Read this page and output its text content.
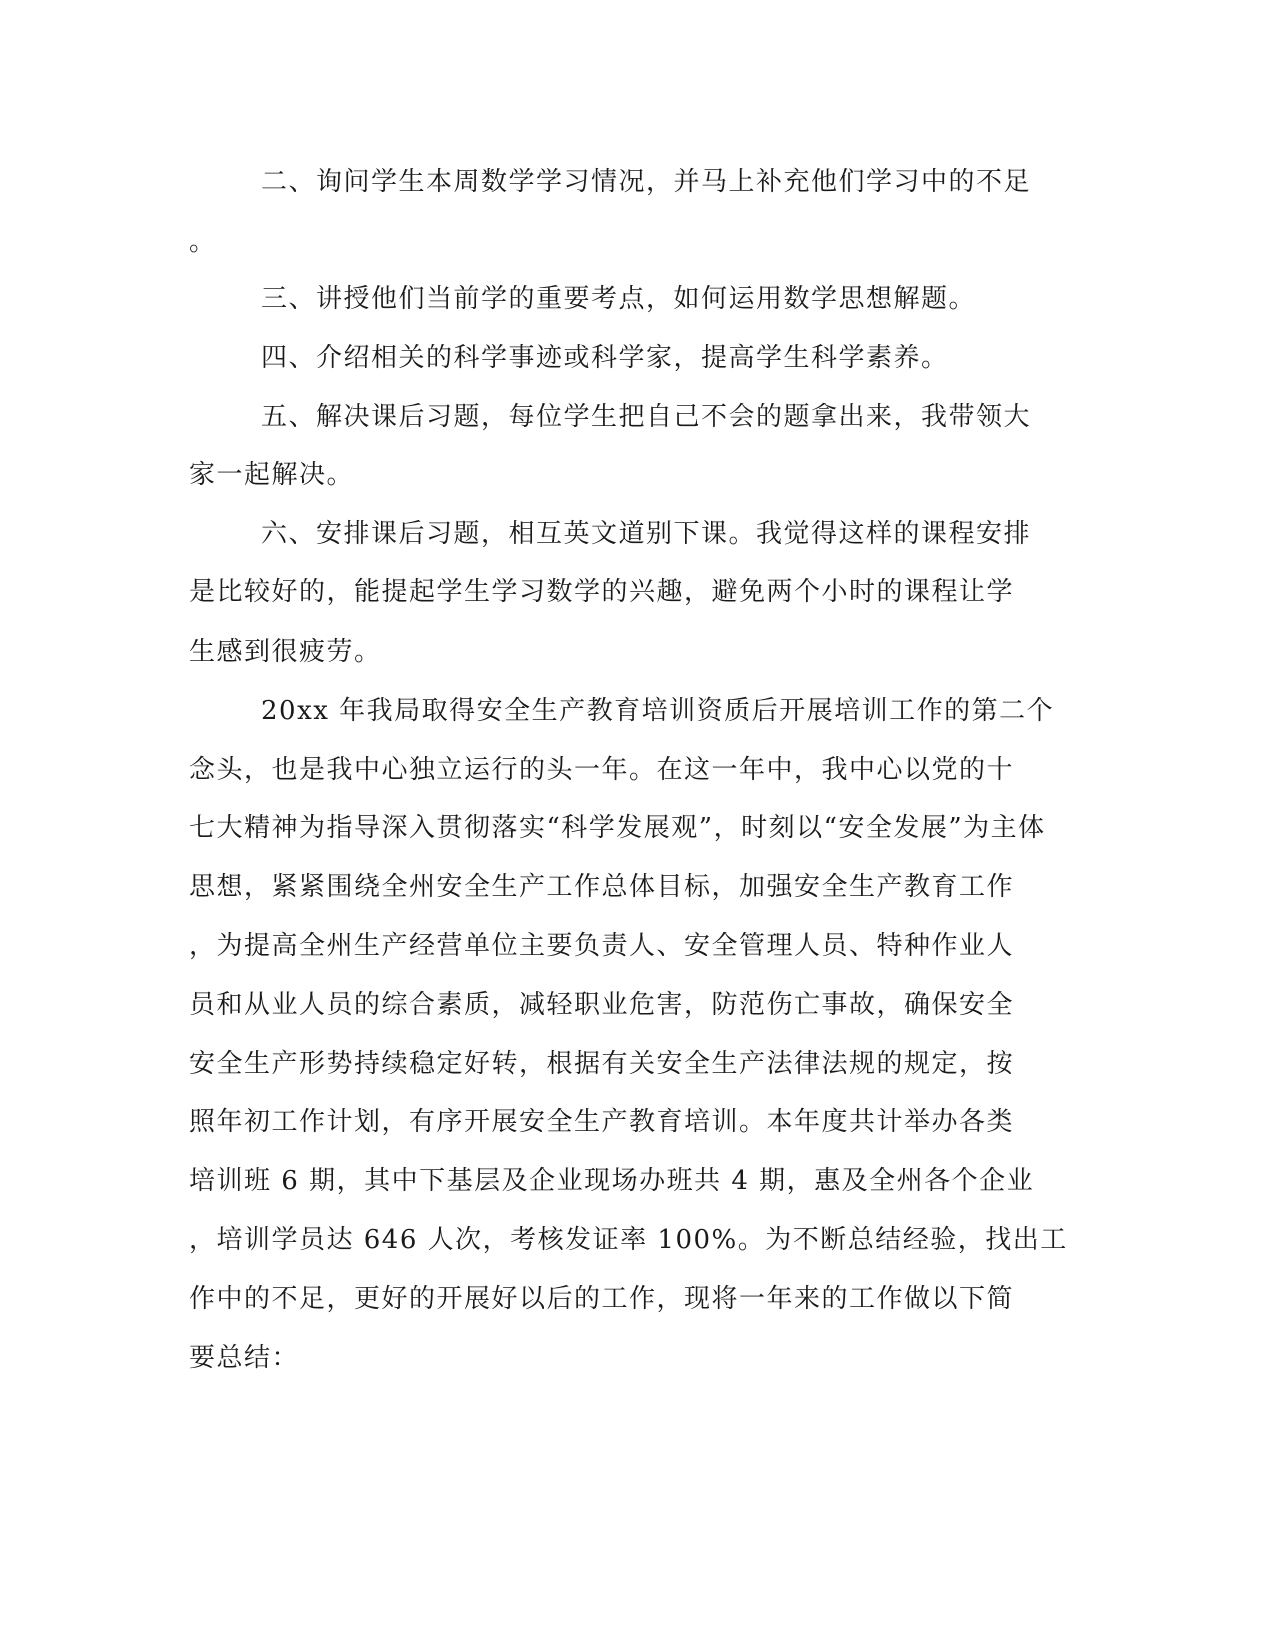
二、询问学生本周数学学习情况，并马上补充他们学习中的不足
。
三、讲授他们当前学的重要考点，如何运用数学思想解题。
四、介绍相关的科学事迹或科学家，提高学生科学素养。
五、解决课后习题，每位学生把自己不会的题拿出来，我带领大
家一起解决。
六、安排课后习题，相互英文道别下课。我觉得这样的课程安排
是比较好的，能提起学生学习数学的兴趣，避免两个小时的课程让学
生感到很疲劳。
20xx 年我局取得安全生产教育培训资质后开展培训工作的第二个
念头，也是我中心独立运行的头一年。在这一年中，我中心以党的十
七大精神为指导深入贯彻落实“科学发展观”，时刻以“安全发展”为主体
思想，紧紧围绕全州安全生产工作总体目标，加强安全生产教育工作
，为提高全州生产经营单位主要负责人、安全管理人员、特种作业人
员和从业人员的综合素质，减轻职业危害，防范伤亡事故，确保安全
安全生产形势持续稳定好转，根据有关安全生产法律法规的规定，按
照年初工作计划，有序开展安全生产教育培训。本年度共计举办各类
培训班 6 期，其中下基层及企业现场办班共 4 期，惠及全州各个企业
，培训学员达 646 人次，考核发证率 100%。为不断总结经验，找出工
作中的不足，更好的开展好以后的工作，现将一年来的工作做以下简
要总结：
